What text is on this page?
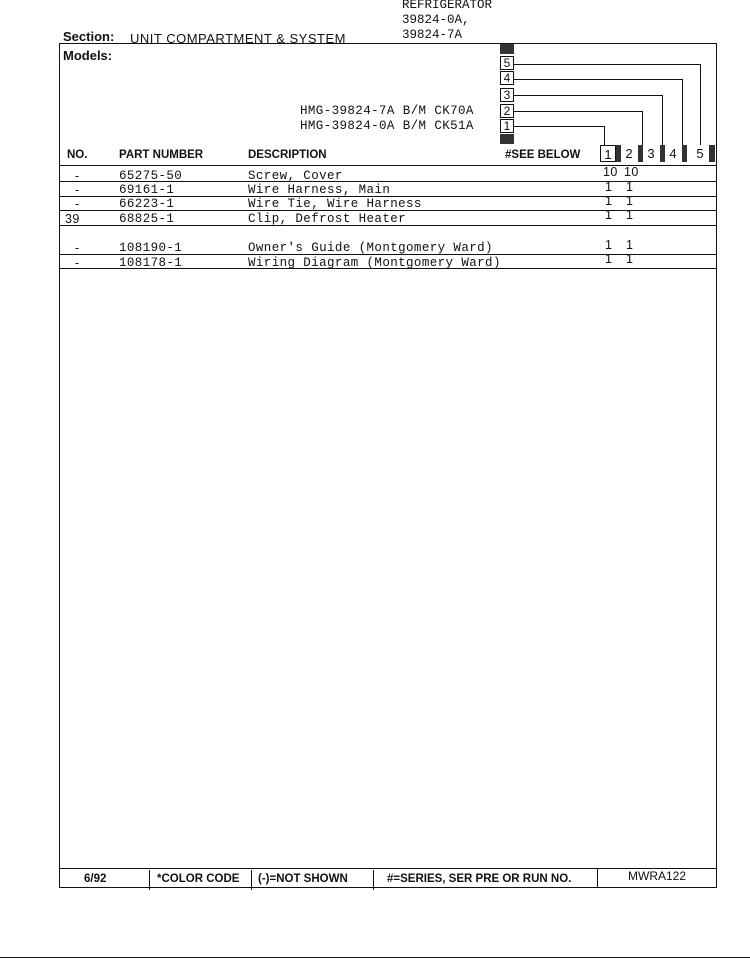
REFRIGERATOR
39824-0A,
39824-7A
Section: UNIT COMPARTMENT & SYSTEM
Models:
HMG-39824-7A B/M CK70A
HMG-39824-0A B/M CK51A
5
4
3
2
1
NO.	PART NUMBER	DESCRIPTION	#SEE BELOW	1	2	3	4	5
-	65275-50	Screw, Cover	10 10
-	69161-1	Wire Harness, Main	1 1
-	66223-1	Wire Tie, Wire Harness	1 1
39	68825-1	Clip, Defrost Heater	1 1
-	108190-1	Owner's Guide (Montgomery Ward)	1 1
-	108178-1	Wiring Diagram (Montgomery Ward)	1 1
6/92	*COLOR CODE (-)=NOT SHOWN	#=SERIES, SER PRE OR RUN NO.	MWRA122
